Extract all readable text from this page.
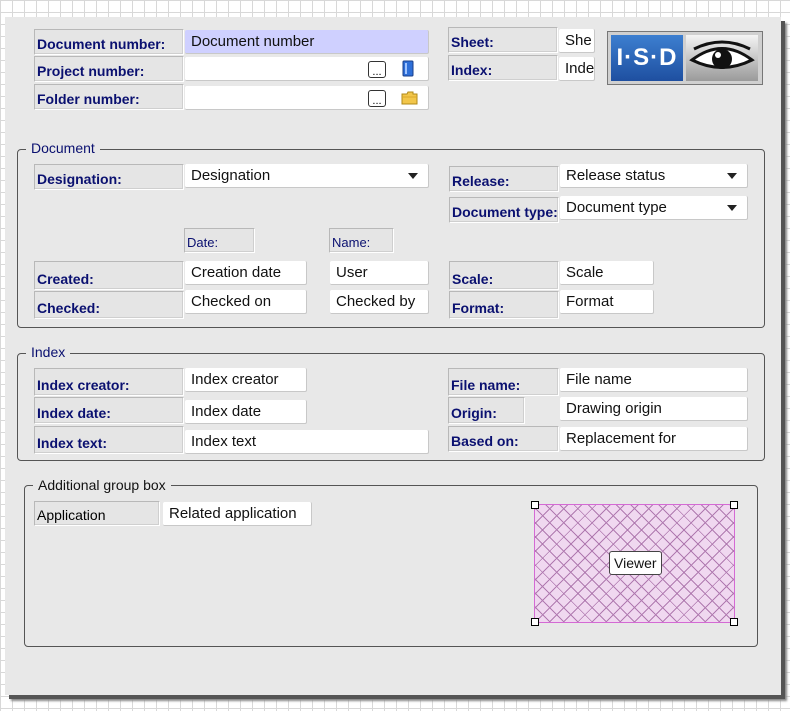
Document number:	Document number
Project number:	...
Folder number:	...
Sheet:	She
Index:	Inde I·S·D
Document
Designation:	Designation	Release:	Release status
Document type: Document type
Date:	Name:
Created:	Creation date	User
Checked:	Checked on	Checked by
Scale:	Scale
Format:	Format
Index
Index creator:	Index creator
Index date:	Index date
Index text:	Index text
File name:	File name
Origin:	Drawing origin
Based on:	Replacement for
Additional group box
Application	Related application
Viewer
